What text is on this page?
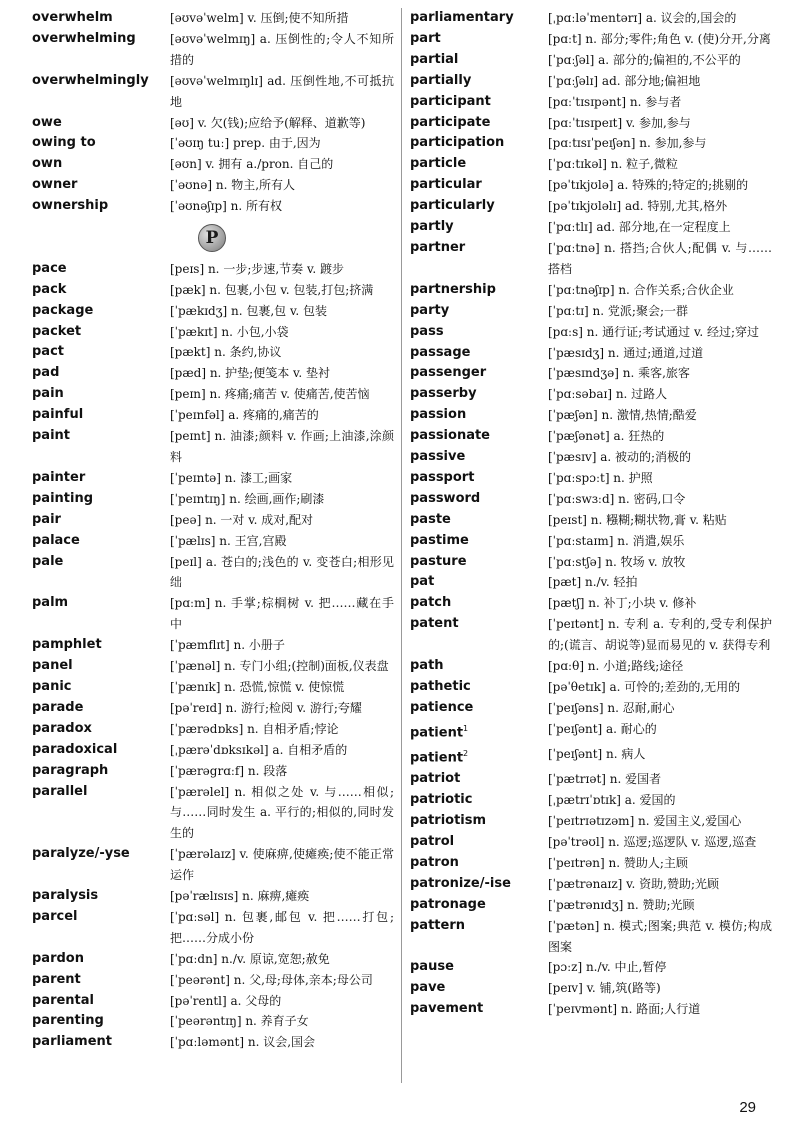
overwhelm	[əʊvəˈwelm] v. 压倒;使不知所措
overwhelming	[əʊvəˈwelmɪŋ] a. 压倒性的;令人不知所措的
overwhelmingly	[əʊvəˈwelmɪŋlɪ] ad. 压倒性地,不可抵抗地
owe	[əʊ] v. 欠(钱);应给予(解释、道歉等)
owing to	[ˈəʊɪŋ tuː] prep. 由于,因为
own	[əʊn] v. 拥有 a./pron. 自己的
owner	[ˈəʊnə] n. 物主,所有人
ownership	[ˈəʊnəʃɪp] n. 所有权
P
pace	[peɪs] n. 一步;步速,节奏 v. 踱步
pack	[pæk] n. 包裹,小包 v. 包装,打包;挤满
package	[ˈpækɪdʒ] n. 包裹,包 v. 包装
packet	[ˈpækɪt] n. 小包,小袋
pact	[pækt] n. 条约,协议
pad	[pæd] n. 护垫;便笺本 v. 垫衬
pain	[peɪn] n. 疼痛;痛苦 v. 使痛苦,使苦恼
painful	[ˈpeɪnfəl] a. 疼痛的,痛苦的
paint	[peɪnt] n. 油漆;颜料 v. 作画;上油漆,涂颜料
painter	[ˈpeɪntə] n. 漆工;画家
painting	[ˈpeɪntɪŋ] n. 绘画,画作;刷漆
pair	[peə] n. 一对 v. 成对,配对
palace	[ˈpælɪs] n. 王宫,宫殿
pale	[peɪl] a. 苍白的;浅色的 v. 变苍白;相形见绌
palm	[pɑːm] n. 手掌;棕榈树 v. 把……藏在手中
pamphlet	[ˈpæmflɪt] n. 小册子
panel	[ˈpænəl] n. 专门小组;(控制)面板,仪表盘
panic	[ˈpænɪk] n. 恐慌,惊慌 v. 使惊慌
parade	[pəˈreɪd] n. 游行;检阅 v. 游行;夸耀
paradox	[ˈpærədɒks] n. 自相矛盾;悖论
paradoxical	[ˌpærəˈdɒksɪkəl] a. 自相矛盾的
paragraph	[ˈpærəgrɑːf] n. 段落
parallel	[ˈpærəlel] n. 相似之处 v. 与……相似;与……同时发生 a. 平行的;相似的,同时发生的
paralyze/-yse	[ˈpærəlaɪz] v. 使麻痹,使瘫痪;使不能正常运作
paralysis	[pəˈrælɪsɪs] n. 麻痹,瘫痪
parcel	[ˈpɑːsəl] n. 包裹,邮包 v. 把……打包;把……分成小份
pardon	[ˈpɑːdn] n./v. 原谅,宽恕;赦免
parent	[ˈpeərənt] n. 父,母;母体,亲本;母公司
parental	[pəˈrentl] a. 父母的
parenting	[ˈpeərəntɪŋ] n. 养育子女
parliament	[ˈpɑːləmənt] n. 议会,国会
parliamentary	[ˌpɑːləˈmentərɪ] a. 议会的,国会的
part	[pɑːt] n. 部分;零件;角色 v. (使)分开,分离
partial	[ˈpɑːʃəl] a. 部分的;偏袒的,不公平的
partially	[ˈpɑːʃəlɪ] ad. 部分地;偏袒地
participant	[pɑːˈtɪsɪpənt] n. 参与者
participate	[pɑːˈtɪsɪpeɪt] v. 参加,参与
participation	[pɑːtɪsɪˈpeɪʃən] n. 参加,参与
particle	[ˈpɑːtɪkəl] n. 粒子,微粒
particular	[pəˈtɪkjʊlə] a. 特殊的;特定的;挑剔的
particularly	[pəˈtɪkjʊləlɪ] ad. 特别,尤其,格外
partly	[ˈpɑːtlɪ] ad. 部分地,在一定程度上
partner	[ˈpɑːtnə] n. 搭挡;合伙人;配偶 v. 与……搭档
partnership	[ˈpɑːtnəʃɪp] n. 合作关系;合伙企业
party	[ˈpɑːtɪ] n. 党派;聚会;一群
pass	[pɑːs] n. 通行证;考试通过 v. 经过;穿过
passage	[ˈpæsɪdʒ] n. 通过;通道,过道
passenger	[ˈpæsɪndʒə] n. 乘客,旅客
passerby	[ˈpɑːsəbaɪ] n. 过路人
passion	[ˈpæʃən] n. 激情,热情;酷爱
passionate	[ˈpæʃənət] a. 狂热的
passive	[ˈpæsɪv] a. 被动的;消极的
passport	[ˈpɑːspɔːt] n. 护照
password	[ˈpɑːswɜːd] n. 密码,口令
paste	[peɪst] n. 糨糊;糊状物,膏 v. 粘贴
pastime	[ˈpɑːstaɪm] n. 消遣,娱乐
pasture	[ˈpɑːstʃə] n. 牧场 v. 放牧
pat	[pæt] n./v. 轻拍
patch	[pætʃ] n. 补丁;小块 v. 修补
patent	[ˈpeɪtənt] n. 专利 a. 专利的,受专利保护的;(谎言、胡说等)显而易见的 v. 获得专利
path	[pɑːθ] n. 小道;路线;途径
pathetic	[pəˈθetɪk] a. 可怜的;差劲的,无用的
patience	[ˈpeɪʃəns] n. 忍耐,耐心
patient$^1$	[ˈpeɪʃənt] a. 耐心的
patient$^2$	[ˈpeɪʃənt] n. 病人
patriot	[ˈpætrɪət] n. 爱国者
patriotic	[ˌpætrɪˈɒtɪk] a. 爱国的
patriotism	[ˈpeɪtrɪətɪzəm] n. 爱国主义,爱国心
patrol	[pəˈtrəʊl] n. 巡逻;巡逻队 v. 巡逻,巡查
patron	[ˈpeɪtrən] n. 赞助人;主顾
patronize/-ise	[ˈpætrənaɪz] v. 资助,赞助;光顾
patronage	[ˈpætrənɪdʒ] n. 赞助;光顾
pattern	[ˈpætən] n. 模式;图案;典范 v. 模仿;构成图案
pause	[pɔːz] n./v. 中止,暂停
pave	[peɪv] v. 铺,筑(路等)
pavement	[ˈpeɪvmənt] n. 路面;人行道
29
